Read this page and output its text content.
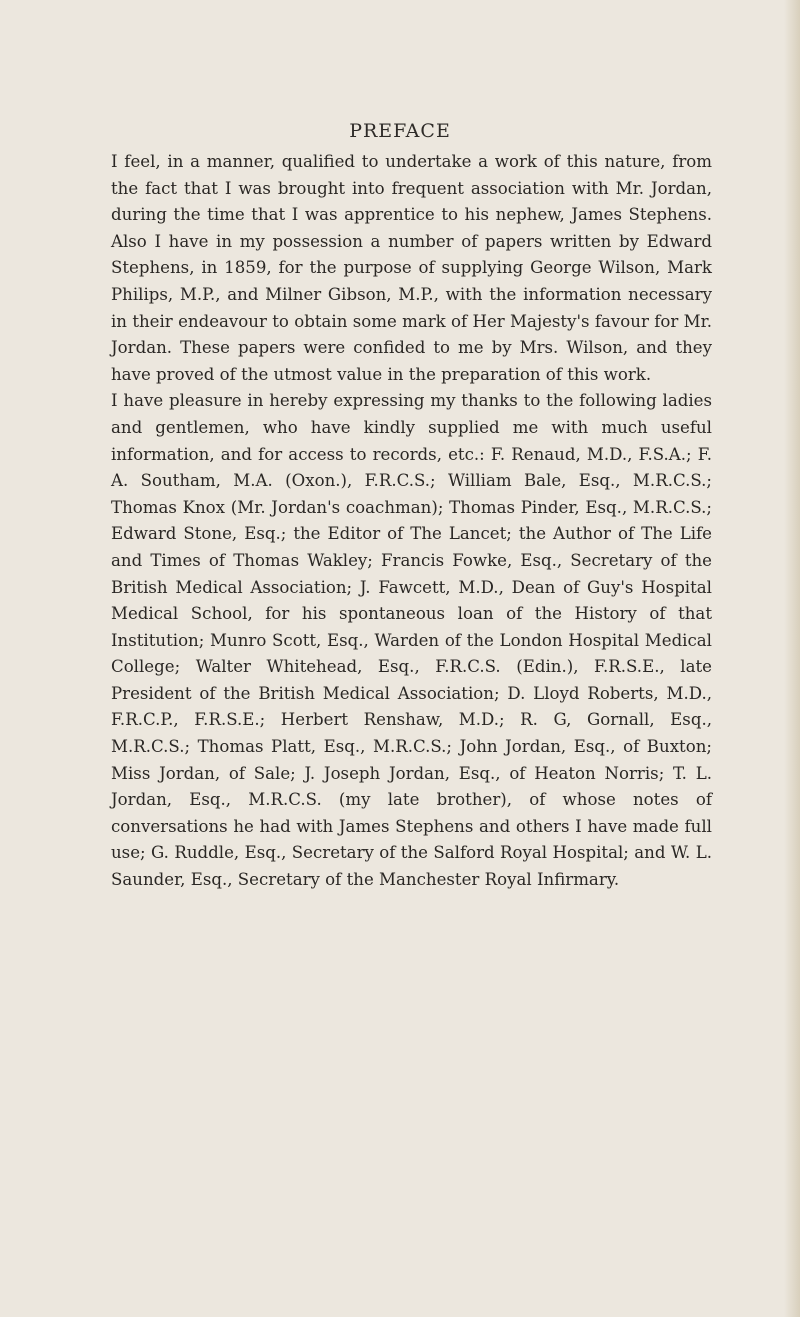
PREFACE

I feel, in a manner, qualified to undertake a work of this nature, from the fact that I was brought into frequent association with Mr. Jordan, during the time that I was apprentice to his nephew, James Stephens. Also I have in my possession a number of papers written by Edward Stephens, in 1859, for the purpose of supplying George Wilson, Mark Philips, M.P., and Milner Gibson, M.P., with the information necessary in their endeavour to obtain some mark of Her Majesty's favour for Mr. Jordan. These papers were confided to me by Mrs. Wilson, and they have proved of the utmost value in the preparation of this work.

I have pleasure in hereby expressing my thanks to the following ladies and gentlemen, who have kindly supplied me with much useful information, and for access to records, etc.: F. Renaud, M.D., F.S.A.; F. A. Southam, M.A. (Oxon.), F.R.C.S.; William Bale, Esq., M.R.C.S.; Thomas Knox (Mr. Jordan's coachman); Thomas Pinder, Esq., M.R.C.S.; Edward Stone, Esq.; the Editor of The Lancet; the Author of The Life and Times of Thomas Wakley; Francis Fowke, Esq., Secretary of the British Medical Association; J. Fawcett, M.D., Dean of Guy's Hospital Medical School, for his spontaneous loan of the History of that Institution; Munro Scott, Esq., Warden of the London Hospital Medical College; Walter Whitehead, Esq., F.R.C.S. (Edin.), F.R.S.E., late President of the British Medical Association; D. Lloyd Roberts, M.D., F.R.C.P., F.R.S.E.; Herbert Renshaw, M.D.; R. G, Gornall, Esq., M.R.C.S.; Thomas Platt, Esq., M.R.C.S.; John Jordan, Esq., of Buxton; Miss Jordan, of Sale; J. Joseph Jordan, Esq., of Heaton Norris; T. L. Jordan, Esq., M.R.C.S. (my late brother), of whose notes of conversations he had with James Stephens and others I have made full use; G. Ruddle, Esq., Secretary of the Salford Royal Hospital; and W. L. Saunder, Esq., Secretary of the Manchester Royal Infirmary.
